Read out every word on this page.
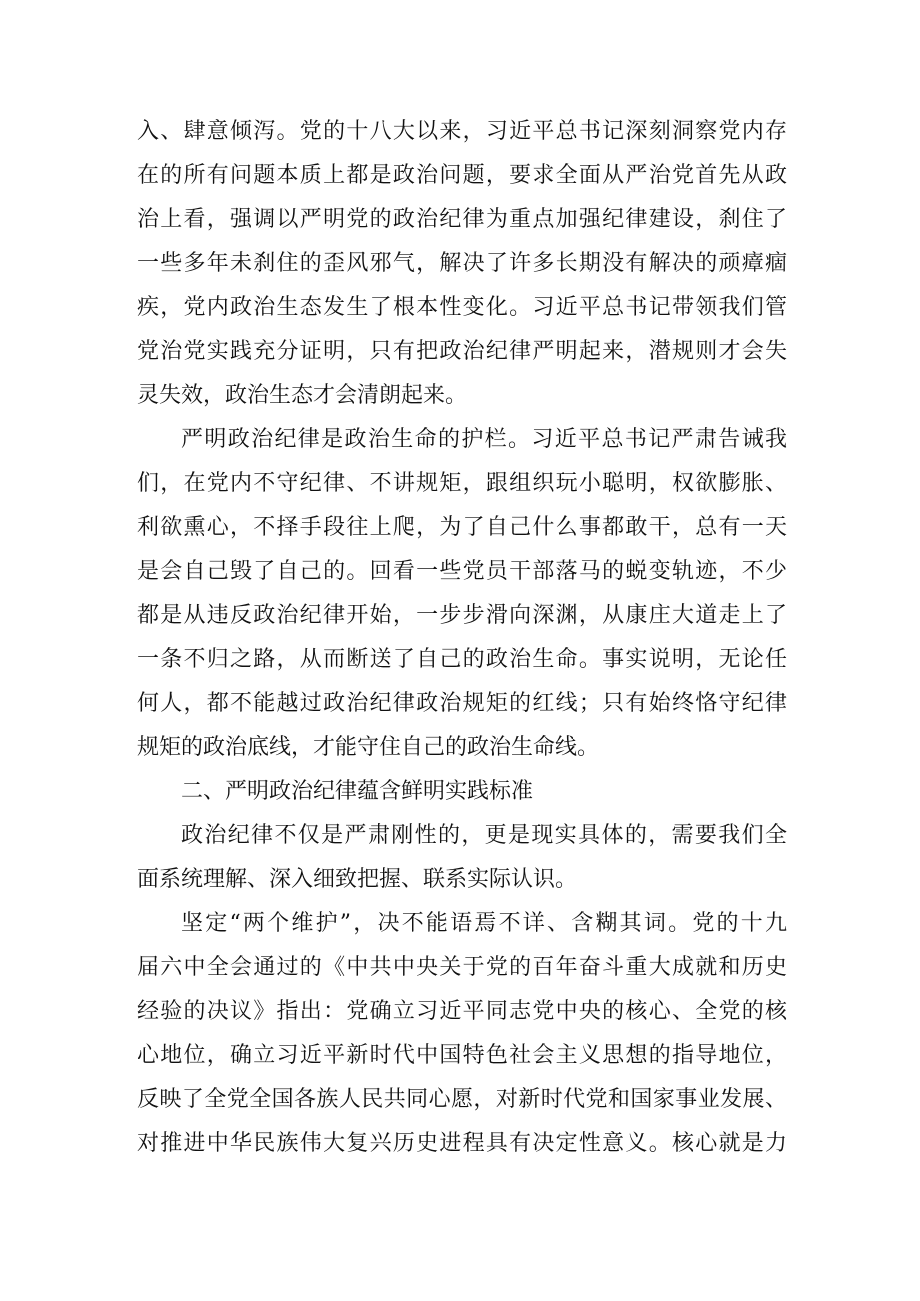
入、肆意倾泻。党的十八大以来，习近平总书记深刻洞察党内存
在的所有问题本质上都是政治问题，要求全面从严治党首先从政
治上看，强调以严明党的政治纪律为重点加强纪律建设，刹住了
一些多年未刹住的歪风邪气，解决了许多长期没有解决的顽瘴痼
疾，党内政治生态发生了根本性变化。习近平总书记带领我们管
党治党实践充分证明，只有把政治纪律严明起来，潜规则才会失
灵失效，政治生态才会清朗起来。
严明政治纪律是政治生命的护栏。习近平总书记严肃告诫我
们，在党内不守纪律、不讲规矩，跟组织玩小聪明，权欲膨胀、
利欲熏心，不择手段往上爬，为了自己什么事都敢干，总有一天
是会自己毁了自己的。回看一些党员干部落马的蜕变轨迹，不少
都是从违反政治纪律开始，一步步滑向深渊，从康庄大道走上了
一条不归之路，从而断送了自己的政治生命。事实说明，无论任
何人，都不能越过政治纪律政治规矩的红线；只有始终恪守纪律
规矩的政治底线，才能守住自己的政治生命线。
二、严明政治纪律蕴含鲜明实践标准
政治纪律不仅是严肃刚性的，更是现实具体的，需要我们全
面系统理解、深入细致把握、联系实际认识。
坚定“两个维护”，决不能语焉不详、含糊其词。党的十九
届六中全会通过的《中共中央关于党的百年奋斗重大成就和历史
经验的决议》指出：党确立习近平同志党中央的核心、全党的核
心地位，确立习近平新时代中国特色社会主义思想的指导地位，
反映了全党全国各族人民共同心愿，对新时代党和国家事业发展、
对推进中华民族伟大复兴历史进程具有决定性意义。核心就是力
